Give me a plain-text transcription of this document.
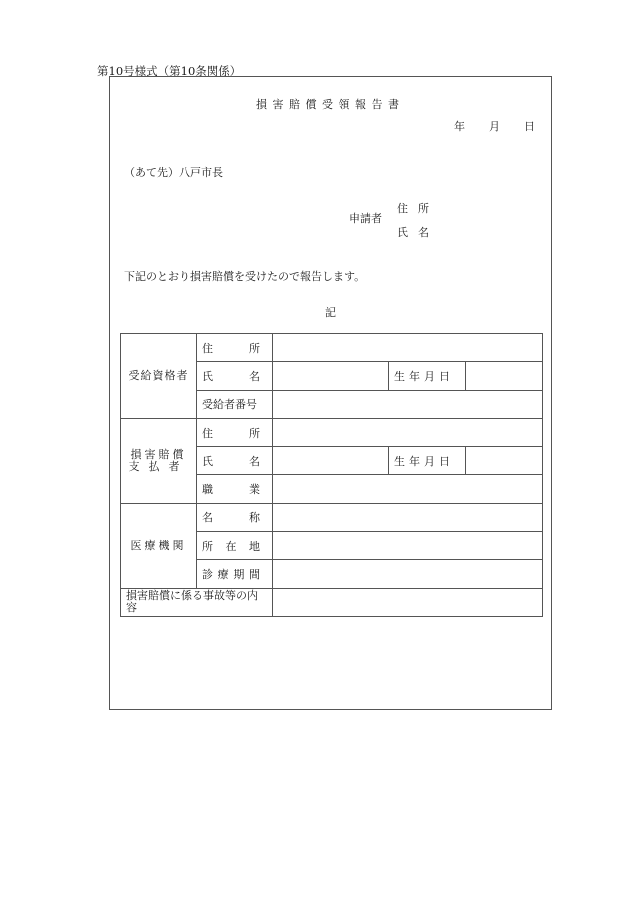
第10号様式（第10条関係）
損害賠償受領報告書
年 月 日
（あて先）八戸市長
申請者
住所
氏名
下記のとおり損害賠償を受けたので報告します。
記
受給資格者	住 所			

	氏 名		生年月日	
	受給者番号			

損害賠償
支払者	住 所			

	氏 名		生年月日	

	職 業			

医療機関	名 称			

	所 在 地			

	診 療 期 間			

損害賠償に係る事故等の内容				
